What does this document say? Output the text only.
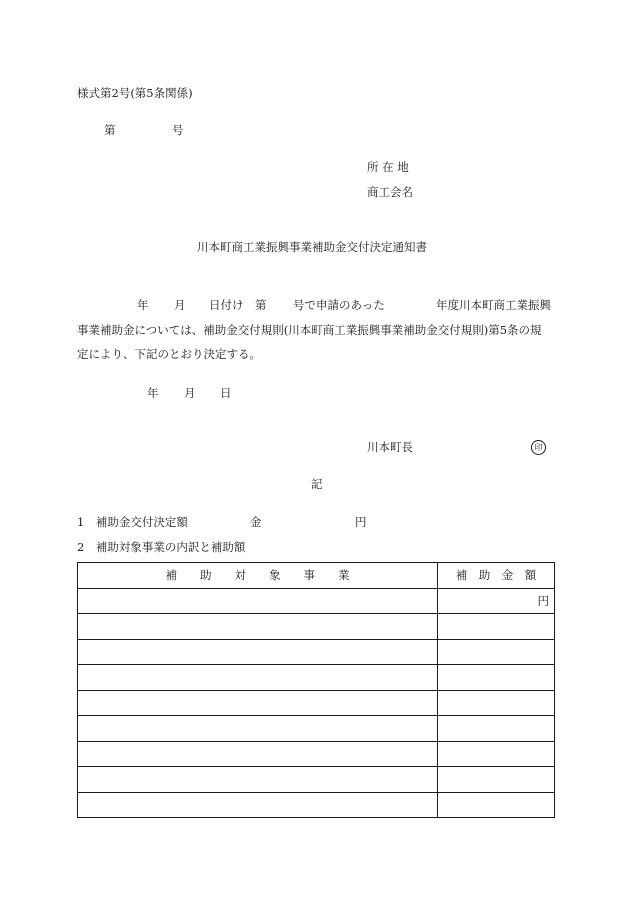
様式第2号(第5条関係)
第	号
所 在 地
商工会名
川本町商工業振興事業補助金交付決定通知書
年 月 日付け　第 号で申請のあった	年度川本町商工業振興
事業補助金については、補助金交付規則(川本町商工業振興事業補助金交付規則)第5条の規
定により、下記のとおり決定する。
年 月 日
川本町長	印
記
1　補助金交付決定額	金	円
2　補助対象事業の内訳と補助額
補　　助　　対　　象　　事　　業	補　助　金　額
	円
